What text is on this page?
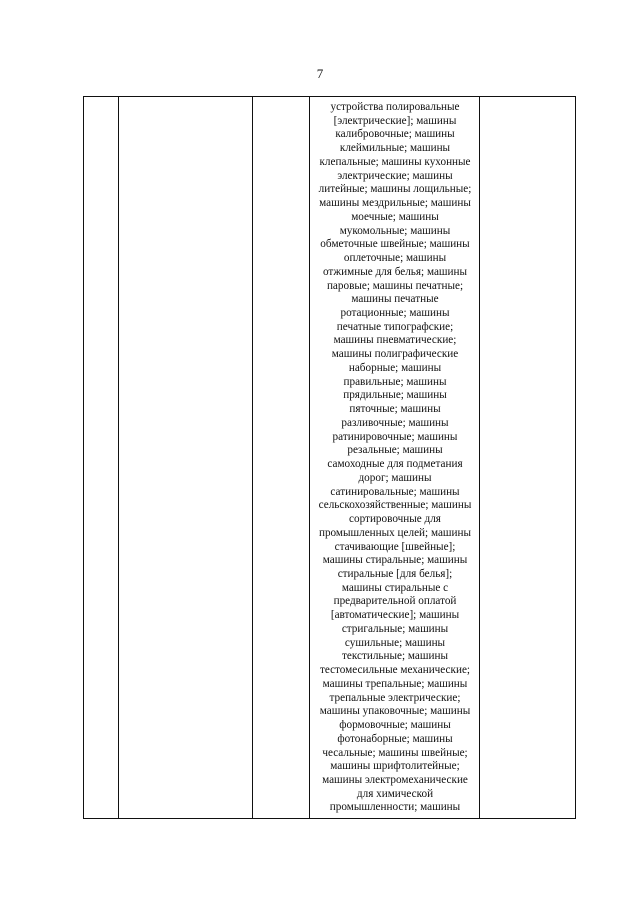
7
устройства полировальные
[электрические]; машины
калибровочные; машины
клеймильные; машины
клепальные; машины кухонные
электрические; машины
литейные; машины лощильные;
машины мездрильные; машины
моечные; машины
мукомольные; машины
обметочные швейные; машины
оплеточные; машины
отжимные для белья; машины
паровые; машины печатные;
машины печатные
ротационные; машины
печатные типографские;
машины пневматические;
машины полиграфические
наборные; машины
правильные; машины
прядильные; машины
пяточные; машины
разливочные; машины
ратинировочные; машины
резальные; машины
самоходные для подметания
дорог; машины
сатинировальные; машины
сельскохозяйственные; машины
сортировочные для
промышленных целей; машины
стачивающие [швейные];
машины стиральные; машины
стиральные [для белья];
машины стиральные с
предварительной оплатой
[автоматические]; машины
стригальные; машины
сушильные; машины
текстильные; машины
тестомесильные механические;
машины трепальные; машины
трепальные электрические;
машины упаковочные; машины
формовочные; машины
фотонаборные; машины
чесальные; машины швейные;
машины шрифтолитейные;
машины электромеханические
для химической
промышленности; машины
